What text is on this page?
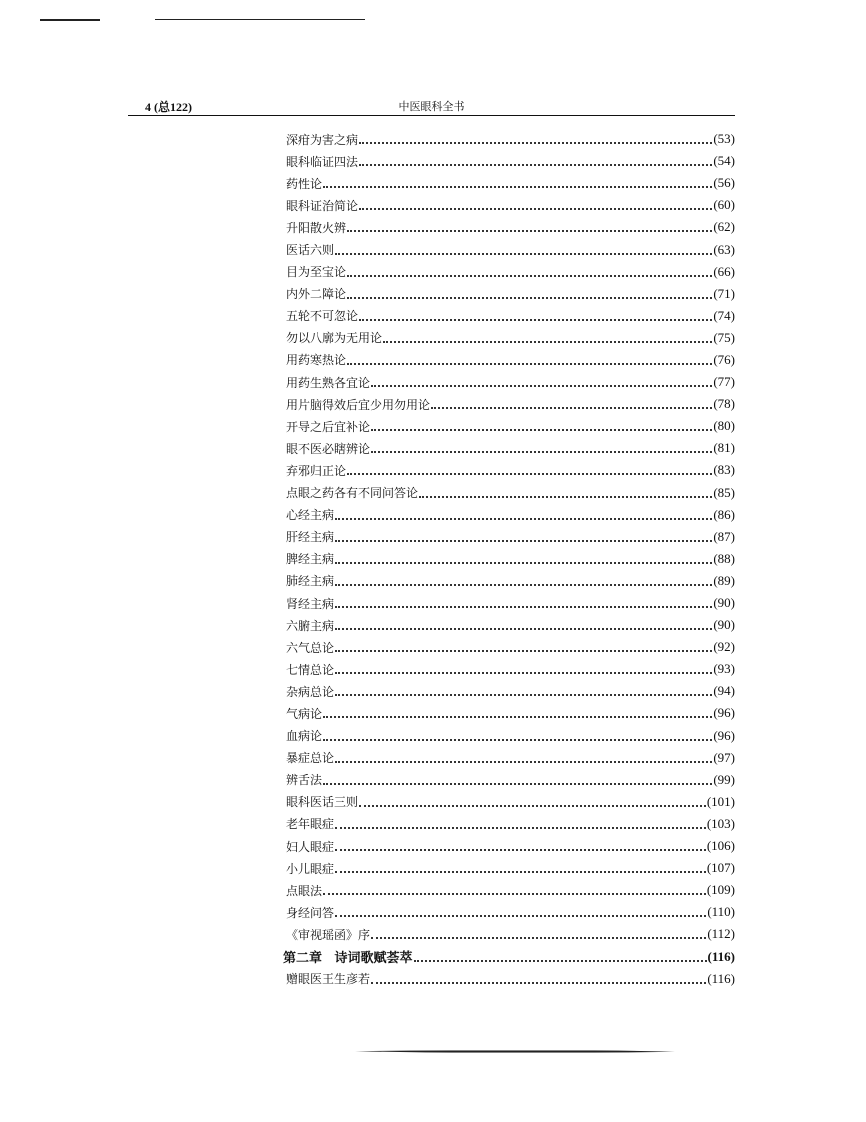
4 (总122)	中医眼科全书
深疳为害之病	(53)
眼科临证四法	(54)
药性论	(56)
眼科证治简论	(60)
升阳散火辨	(62)
医话六则	(63)
目为至宝论	(66)
内外二障论	(71)
五轮不可忽论	(74)
勿以八廓为无用论	(75)
用药寒热论	(76)
用药生熟各宜论	(77)
用片脑得效后宜少用勿用论	(78)
开导之后宜补论	(80)
眼不医必瞎辨论	(81)
弃邪归正论	(83)
点眼之药各有不同问答论	(85)
心经主病	(86)
肝经主病	(87)
脾经主病	(88)
肺经主病	(89)
肾经主病	(90)
六腑主病	(90)
六气总论	(92)
七情总论	(93)
杂病总论	(94)
气病论	(96)
血病论	(96)
暴症总论	(97)
辨舌法	(99)
眼科医话三则	(101)
老年眼症	(103)
妇人眼症	(106)
小儿眼症	(107)
点眼法	(109)
身经问答	(110)
《审视瑶函》序	(112)
第二章 诗词歌赋荟萃	(116)
赠眼医王生彦若	(116)
